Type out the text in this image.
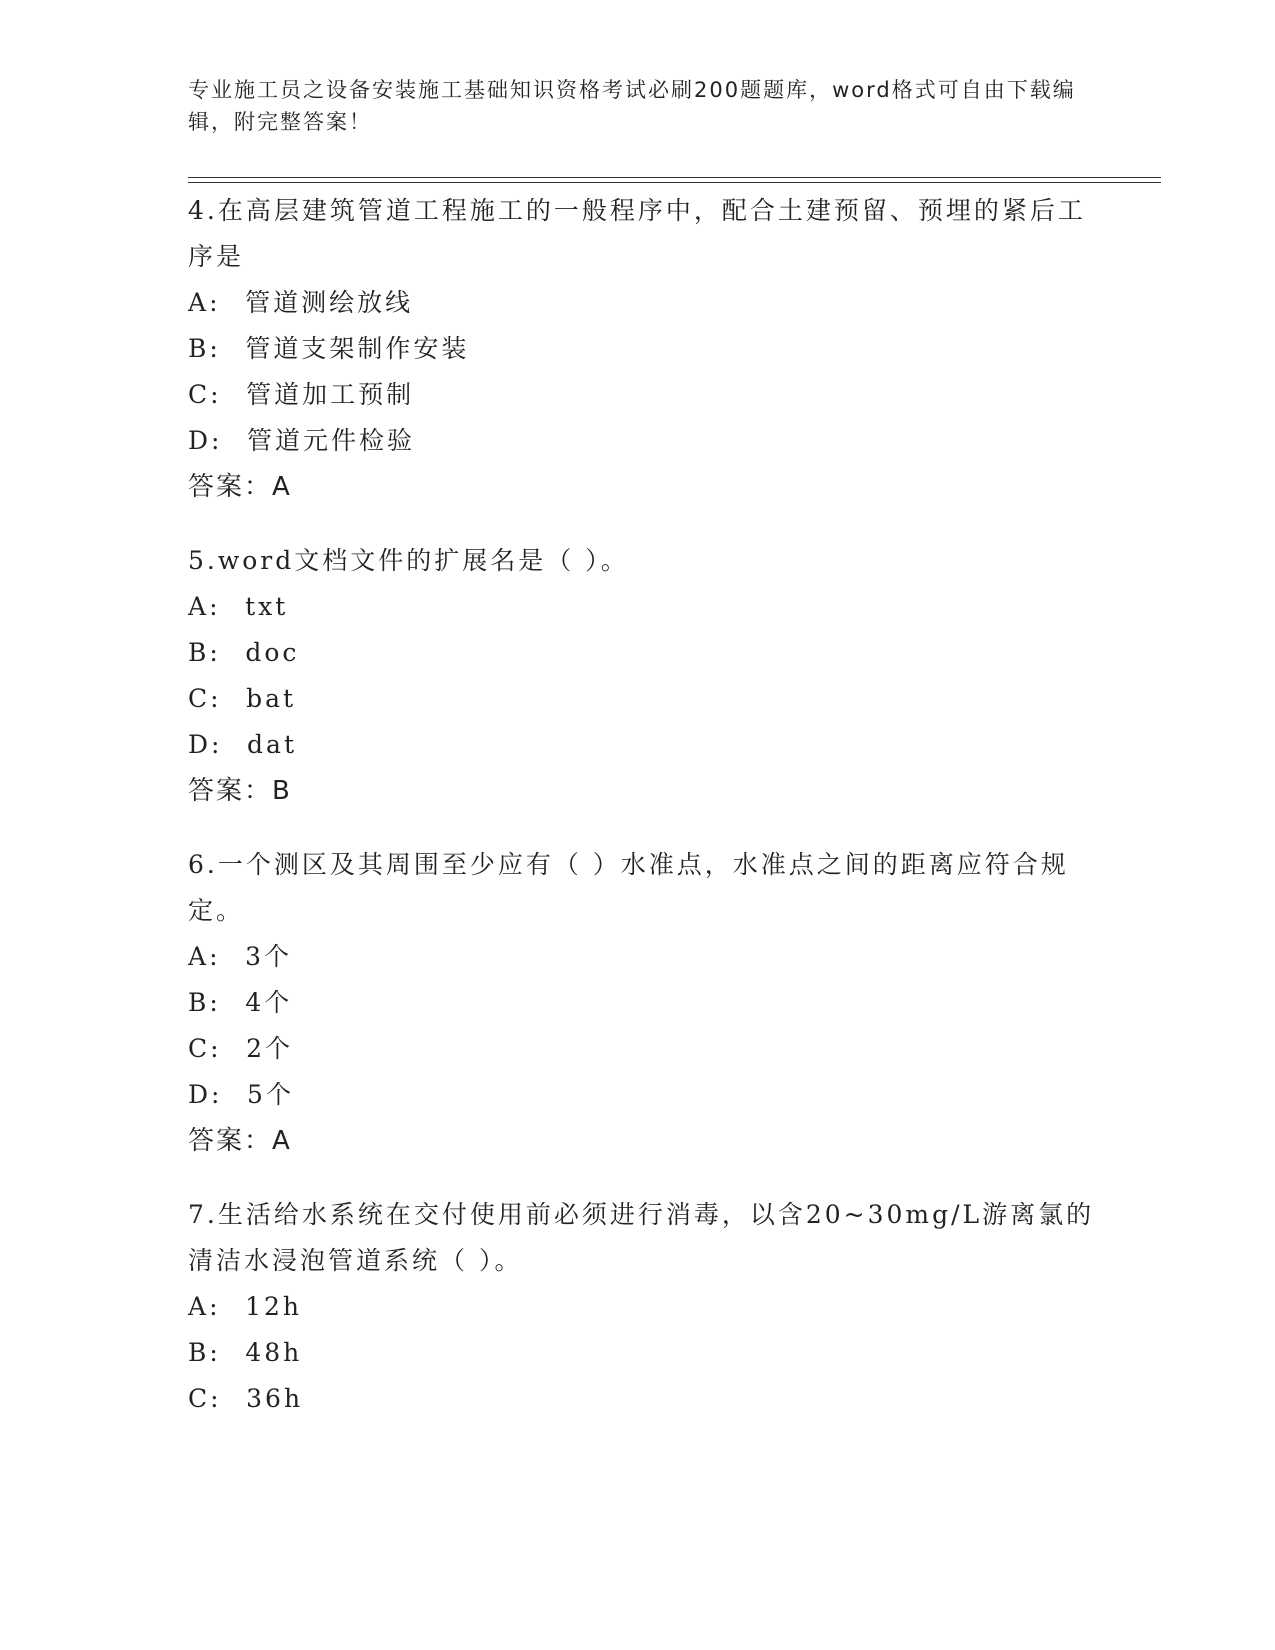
专业施工员之设备安装施工基础知识资格考试必刷200题题库，word格式可自由下载编辑，附完整答案！

4.在高层建筑管道工程施工的一般程序中，配合土建预留、预埋的紧后工序是

A: 管道测绘放线

B: 管道支架制作安装

C: 管道加工预制

D: 管道元件检验

答案：A

5.word文档文件的扩展名是（ ）。

A: txt

B: doc

C: bat

D: dat

答案：B

6.一个测区及其周围至少应有（ ）水准点，水准点之间的距离应符合规定。

A: 3个

B: 4个

C: 2个

D: 5个

答案：A

7.生活给水系统在交付使用前必须进行消毒，以含20~30mg/L游离氯的清洁水浸泡管道系统（ ）。

A: 12h

B: 48h

C: 36h
